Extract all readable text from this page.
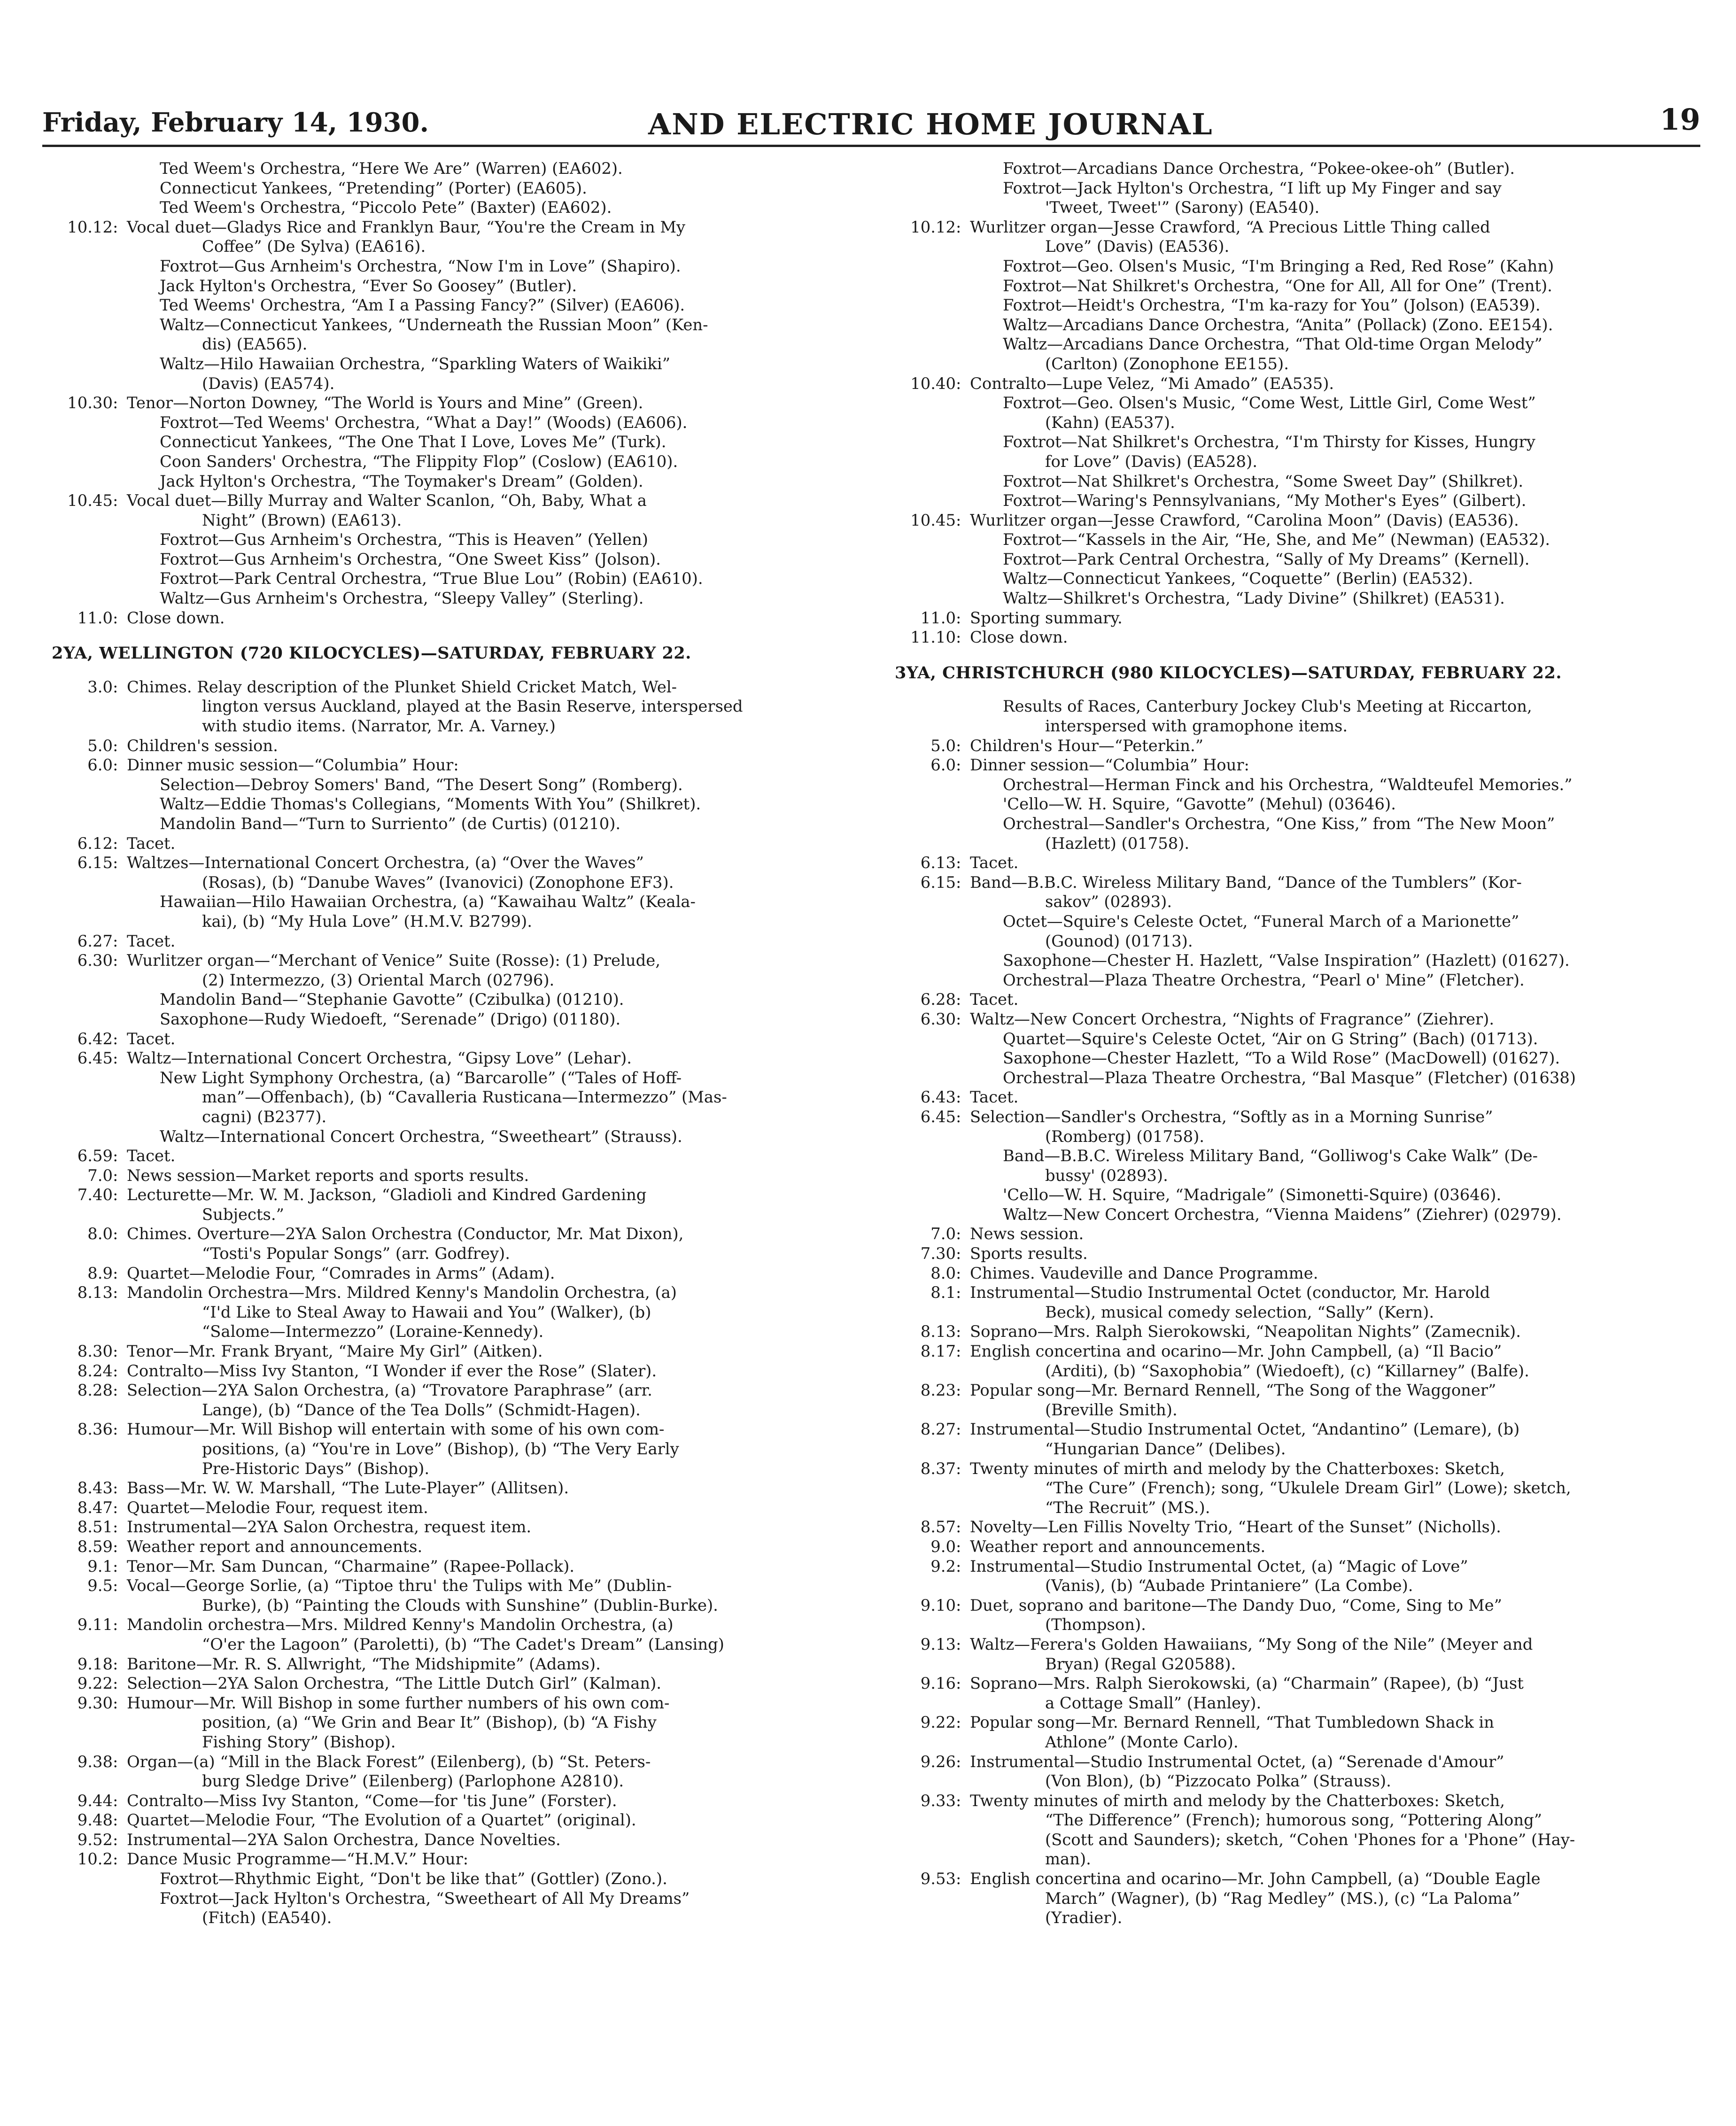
Friday, February 14, 1930.	AND ELECTRIC HOME JOURNAL	19
Ted Weem's Orchestra, “Here We Are” (Warren) (EA602).
Connecticut Yankees, “Pretending” (Porter) (EA605).
Ted Weem's Orchestra, “Piccolo Pete” (Baxter) (EA602).
10.12: Vocal duet—Gladys Rice and Franklyn Baur, “You're the Cream in My
Coffee” (De Sylva) (EA616).
Foxtrot—Gus Arnheim's Orchestra, “Now I'm in Love” (Shapiro).
Jack Hylton's Orchestra, “Ever So Goosey” (Butler).
Ted Weems' Orchestra, “Am I a Passing Fancy?” (Silver) (EA606).
Waltz—Connecticut Yankees, “Underneath the Russian Moon” (Ken-
dis) (EA565).
Waltz—Hilo Hawaiian Orchestra, “Sparkling Waters of Waikiki”
(Davis) (EA574).
10.30: Tenor—Norton Downey, “The World is Yours and Mine” (Green).
Foxtrot—Ted Weems' Orchestra, “What a Day!” (Woods) (EA606).
Connecticut Yankees, “The One That I Love, Loves Me” (Turk).
Coon Sanders' Orchestra, “The Flippity Flop” (Coslow) (EA610).
Jack Hylton's Orchestra, “The Toymaker's Dream” (Golden).
10.45: Vocal duet—Billy Murray and Walter Scanlon, “Oh, Baby, What a
Night” (Brown) (EA613).
Foxtrot—Gus Arnheim's Orchestra, “This is Heaven” (Yellen)
Foxtrot—Gus Arnheim's Orchestra, “One Sweet Kiss” (Jolson).
Foxtrot—Park Central Orchestra, “True Blue Lou” (Robin) (EA610).
Waltz—Gus Arnheim's Orchestra, “Sleepy Valley” (Sterling).
11.0: Close down.
2YA, WELLINGTON (720 KILOCYCLES)—SATURDAY, FEBRUARY 22.
3.0: Chimes. Relay description of the Plunket Shield Cricket Match, Wel-
lington versus Auckland, played at the Basin Reserve, interspersed
with studio items. (Narrator, Mr. A. Varney.)
5.0: Children's session.
6.0: Dinner music session—“Columbia” Hour:
Selection—Debroy Somers' Band, “The Desert Song” (Romberg).
Waltz—Eddie Thomas's Collegians, “Moments With You” (Shilkret).
Mandolin Band—“Turn to Surriento” (de Curtis) (01210).
6.12: Tacet.
6.15: Waltzes—International Concert Orchestra, (a) “Over the Waves”
(Rosas), (b) “Danube Waves” (Ivanovici) (Zonophone EF3).
Hawaiian—Hilo Hawaiian Orchestra, (a) “Kawaihau Waltz” (Keala-
kai), (b) “My Hula Love” (H.M.V. B2799).
6.27: Tacet.
6.30: Wurlitzer organ—“Merchant of Venice” Suite (Rosse): (1) Prelude,
(2) Intermezzo, (3) Oriental March (02796).
Mandolin Band—“Stephanie Gavotte” (Czibulka) (01210).
Saxophone—Rudy Wiedoeft, “Serenade” (Drigo) (01180).
6.42: Tacet.
6.45: Waltz—International Concert Orchestra, “Gipsy Love” (Lehar).
New Light Symphony Orchestra, (a) “Barcarolle” (“Tales of Hoff-
man”—Offenbach), (b) “Cavalleria Rusticana—Intermezzo” (Mas-
cagni) (B2377).
Waltz—International Concert Orchestra, “Sweetheart” (Strauss).
6.59: Tacet.
7.0: News session—Market reports and sports results.
7.40: Lecturette—Mr. W. M. Jackson, “Gladioli and Kindred Gardening
Subjects.”
8.0: Chimes. Overture—2YA Salon Orchestra (Conductor, Mr. Mat Dixon),
“Tosti's Popular Songs” (arr. Godfrey).
8.9: Quartet—Melodie Four, “Comrades in Arms” (Adam).
8.13: Mandolin Orchestra—Mrs. Mildred Kenny's Mandolin Orchestra, (a)
“I'd Like to Steal Away to Hawaii and You” (Walker), (b)
“Salome—Intermezzo” (Loraine-Kennedy).
8.30: Tenor—Mr. Frank Bryant, “Maire My Girl” (Aitken).
8.24: Contralto—Miss Ivy Stanton, “I Wonder if ever the Rose” (Slater).
8.28: Selection—2YA Salon Orchestra, (a) “Trovatore Paraphrase” (arr.
Lange), (b) “Dance of the Tea Dolls” (Schmidt-Hagen).
8.36: Humour—Mr. Will Bishop will entertain with some of his own com-
positions, (a) “You're in Love” (Bishop), (b) “The Very Early
Pre-Historic Days” (Bishop).
8.43: Bass—Mr. W. W. Marshall, “The Lute-Player” (Allitsen).
8.47: Quartet—Melodie Four, request item.
8.51: Instrumental—2YA Salon Orchestra, request item.
8.59: Weather report and announcements.
9.1: Tenor—Mr. Sam Duncan, “Charmaine” (Rapee-Pollack).
9.5: Vocal—George Sorlie, (a) “Tiptoe thru' the Tulips with Me” (Dublin-
Burke), (b) “Painting the Clouds with Sunshine” (Dublin-Burke).
9.11: Mandolin orchestra—Mrs. Mildred Kenny's Mandolin Orchestra, (a)
“O'er the Lagoon” (Paroletti), (b) “The Cadet's Dream” (Lansing)
9.18: Baritone—Mr. R. S. Allwright, “The Midshipmite” (Adams).
9.22: Selection—2YA Salon Orchestra, “The Little Dutch Girl” (Kalman).
9.30: Humour—Mr. Will Bishop in some further numbers of his own com-
position, (a) “We Grin and Bear It” (Bishop), (b) “A Fishy
Fishing Story” (Bishop).
9.38: Organ—(a) “Mill in the Black Forest” (Eilenberg), (b) “St. Peters-
burg Sledge Drive” (Eilenberg) (Parlophone A2810).
9.44: Contralto—Miss Ivy Stanton, “Come—for 'tis June” (Forster).
9.48: Quartet—Melodie Four, “The Evolution of a Quartet” (original).
9.52: Instrumental—2YA Salon Orchestra, Dance Novelties.
10.2: Dance Music Programme—“H.M.V.” Hour:
Foxtrot—Rhythmic Eight, “Don't be like that” (Gottler) (Zono.).
Foxtrot—Jack Hylton's Orchestra, “Sweetheart of All My Dreams”
(Fitch) (EA540).
Foxtrot—Arcadians Dance Orchestra, “Pokee-okee-oh” (Butler).
Foxtrot—Jack Hylton's Orchestra, “I lift up My Finger and say
'Tweet, Tweet'” (Sarony) (EA540).
10.12: Wurlitzer organ—Jesse Crawford, “A Precious Little Thing called
Love” (Davis) (EA536).
Foxtrot—Geo. Olsen's Music, “I'm Bringing a Red, Red Rose” (Kahn)
Foxtrot—Nat Shilkret's Orchestra, “One for All, All for One” (Trent).
Foxtrot—Heidt's Orchestra, “I'm ka-razy for You” (Jolson) (EA539).
Waltz—Arcadians Dance Orchestra, “Anita” (Pollack) (Zono. EE154).
Waltz—Arcadians Dance Orchestra, “That Old-time Organ Melody”
(Carlton) (Zonophone EE155).
10.40: Contralto—Lupe Velez, “Mi Amado” (EA535).
Foxtrot—Geo. Olsen's Music, “Come West, Little Girl, Come West”
(Kahn) (EA537).
Foxtrot—Nat Shilkret's Orchestra, “I'm Thirsty for Kisses, Hungry
for Love” (Davis) (EA528).
Foxtrot—Nat Shilkret's Orchestra, “Some Sweet Day” (Shilkret).
Foxtrot—Waring's Pennsylvanians, “My Mother's Eyes” (Gilbert).
10.45: Wurlitzer organ—Jesse Crawford, “Carolina Moon” (Davis) (EA536).
Foxtrot—“Kassels in the Air, “He, She, and Me” (Newman) (EA532).
Foxtrot—Park Central Orchestra, “Sally of My Dreams” (Kernell).
Waltz—Connecticut Yankees, “Coquette” (Berlin) (EA532).
Waltz—Shilkret's Orchestra, “Lady Divine” (Shilkret) (EA531).
11.0: Sporting summary.
11.10: Close down.
3YA, CHRISTCHURCH (980 KILOCYCLES)—SATURDAY, FEBRUARY 22.
Results of Races, Canterbury Jockey Club's Meeting at Riccarton,
interspersed with gramophone items.
5.0: Children's Hour—“Peterkin.”
6.0: Dinner session—“Columbia” Hour:
Orchestral—Herman Finck and his Orchestra, “Waldteufel Memories.”
'Cello—W. H. Squire, “Gavotte” (Mehul) (03646).
Orchestral—Sandler's Orchestra, “One Kiss,” from “The New Moon”
(Hazlett) (01758).
6.13: Tacet.
6.15: Band—B.B.C. Wireless Military Band, “Dance of the Tumblers” (Kor-
sakov” (02893).
Octet—Squire's Celeste Octet, “Funeral March of a Marionette”
(Gounod) (01713).
Saxophone—Chester H. Hazlett, “Valse Inspiration” (Hazlett) (01627).
Orchestral—Plaza Theatre Orchestra, “Pearl o' Mine” (Fletcher).
6.28: Tacet.
6.30: Waltz—New Concert Orchestra, “Nights of Fragrance” (Ziehrer).
Quartet—Squire's Celeste Octet, “Air on G String” (Bach) (01713).
Saxophone—Chester Hazlett, “To a Wild Rose” (MacDowell) (01627).
Orchestral—Plaza Theatre Orchestra, “Bal Masque” (Fletcher) (01638)
6.43: Tacet.
6.45: Selection—Sandler's Orchestra, “Softly as in a Morning Sunrise”
(Romberg) (01758).
Band—B.B.C. Wireless Military Band, “Golliwog's Cake Walk” (De-
bussy' (02893).
'Cello—W. H. Squire, “Madrigale” (Simonetti-Squire) (03646).
Waltz—New Concert Orchestra, “Vienna Maidens” (Ziehrer) (02979).
7.0: News session.
7.30: Sports results.
8.0: Chimes. Vaudeville and Dance Programme.
8.1: Instrumental—Studio Instrumental Octet (conductor, Mr. Harold
Beck), musical comedy selection, “Sally” (Kern).
8.13: Soprano—Mrs. Ralph Sierokowski, “Neapolitan Nights” (Zamecnik).
8.17: English concertina and ocarino—Mr. John Campbell, (a) “Il Bacio”
(Arditi), (b) “Saxophobia” (Wiedoeft), (c) “Killarney” (Balfe).
8.23: Popular song—Mr. Bernard Rennell, “The Song of the Waggoner”
(Breville Smith).
8.27: Instrumental—Studio Instrumental Octet, “Andantino” (Lemare), (b)
“Hungarian Dance” (Delibes).
8.37: Twenty minutes of mirth and melody by the Chatterboxes: Sketch,
“The Cure” (French); song, “Ukulele Dream Girl” (Lowe); sketch,
“The Recruit” (MS.).
8.57: Novelty—Len Fillis Novelty Trio, “Heart of the Sunset” (Nicholls).
9.0: Weather report and announcements.
9.2: Instrumental—Studio Instrumental Octet, (a) “Magic of Love”
(Vanis), (b) “Aubade Printaniere” (La Combe).
9.10: Duet, soprano and baritone—The Dandy Duo, “Come, Sing to Me”
(Thompson).
9.13: Waltz—Ferera's Golden Hawaiians, “My Song of the Nile” (Meyer and
Bryan) (Regal G20588).
9.16: Soprano—Mrs. Ralph Sierokowski, (a) “Charmain” (Rapee), (b) “Just
a Cottage Small” (Hanley).
9.22: Popular song—Mr. Bernard Rennell, “That Tumbledown Shack in
Athlone” (Monte Carlo).
9.26: Instrumental—Studio Instrumental Octet, (a) “Serenade d'Amour”
(Von Blon), (b) “Pizzocato Polka” (Strauss).
9.33: Twenty minutes of mirth and melody by the Chatterboxes: Sketch,
“The Difference” (French); humorous song, “Pottering Along”
(Scott and Saunders); sketch, “Cohen 'Phones for a 'Phone” (Hay-
man).
9.53: English concertina and ocarino—Mr. John Campbell, (a) “Double Eagle
March” (Wagner), (b) “Rag Medley” (MS.), (c) “La Paloma”
(Yradier).
